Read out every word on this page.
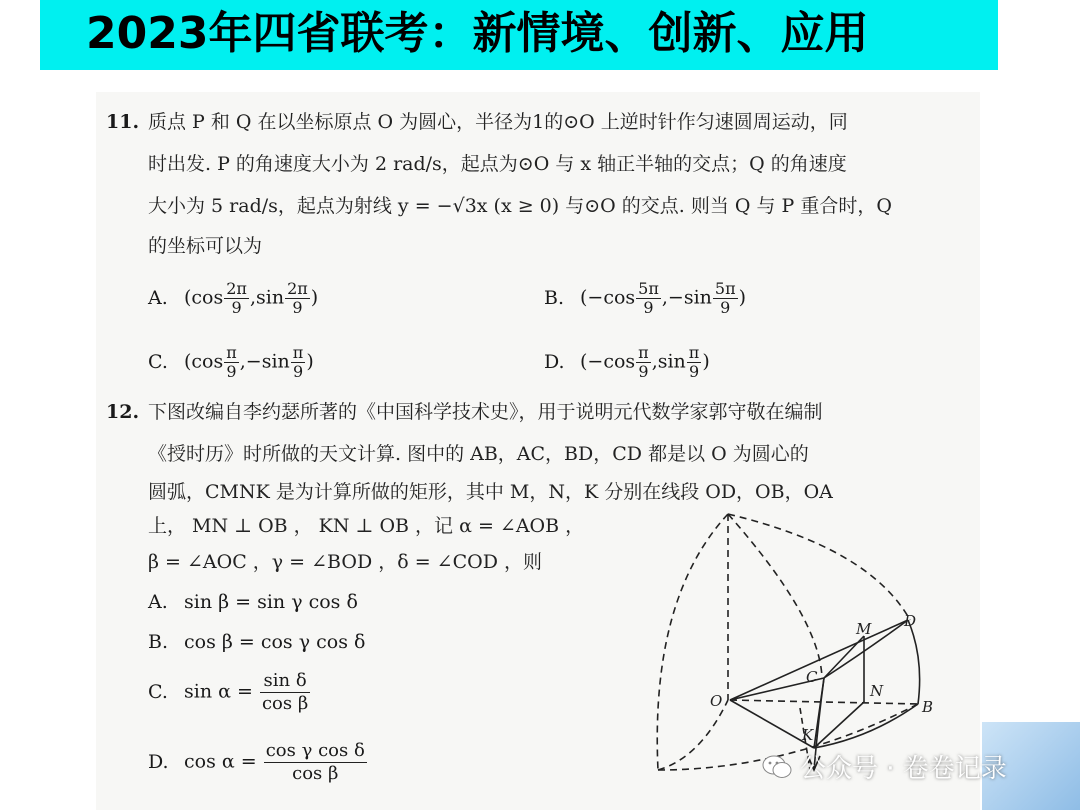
2023年四省联考：新情境、创新、应用
11. 质点 P 和 Q 在以坐标原点 O 为圆心，半径为1的⊙O 上逆时针作匀速圆周运动，同
时出发. P 的角速度大小为 2 rad/s，起点为⊙O 与 x 轴正半轴的交点；Q 的角速度
大小为 5 rad/s，起点为射线 y = −√3x (x ≥ 0) 与⊙O 的交点. 则当 Q 与 P 重合时，Q
的坐标可以为
A. ($\cos \frac{2\pi}{9} ,\sin \frac{2\pi}{9}$ )	B. ($-\cos \frac{5\pi}{9} ,-\sin \frac{5\pi}{9}$ )
C. ($\cos \frac{\pi}{9} ,-\sin \frac{\pi}{9}$ )	D. ($-\cos \frac{\pi}{9} ,\sin \frac{\pi}{9}$ )
12. 下图改编自李约瑟所著的《中国科学技术史》，用于说明元代数学家郭守敬在编制
《授时历》时所做的天文计算. 图中的 AB，AC，BD，CD 都是以 O 为圆心的
圆弧，CMNK 是为计算所做的矩形，其中 M，N，K 分别在线段 OD，OB，OA
上， MN ⊥ OB ， KN ⊥ OB ，记 α = ∠AOB ，
β = ∠AOC ，γ = ∠BOD ，δ = ∠COD ，则
A. sin β = sin γ cos δ
B. cos β = cos γ cos δ
C. $\sin \alpha = \frac{\text{sin δ}}{\text{cos β}}$
D. $\cos \alpha = \frac{\text{cos γ cos δ}}{\text{cos β}}$
O	B
C
D
M
N
K
公众号 · 卷卷记录
